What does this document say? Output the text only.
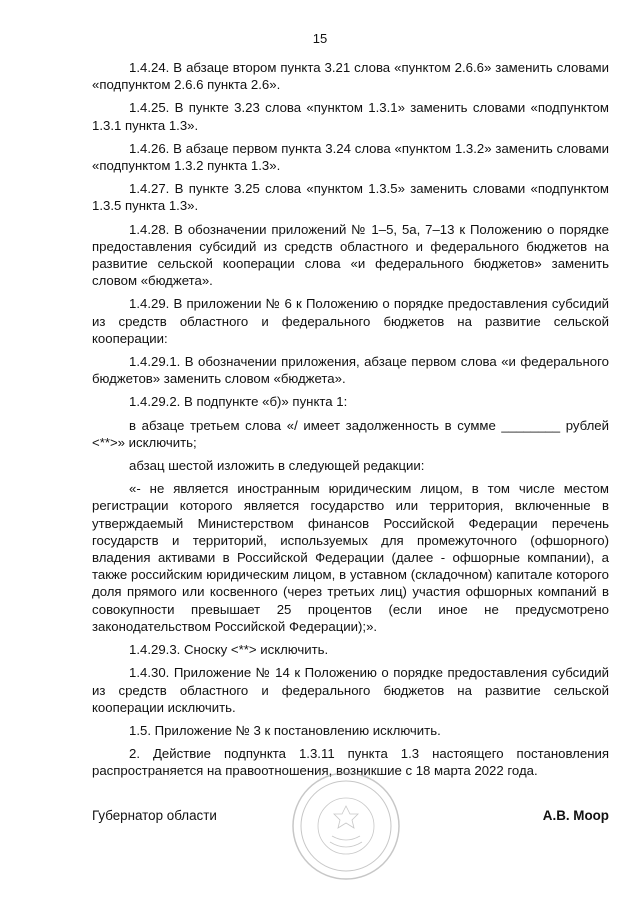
15

1.4.24. В абзаце втором пункта 3.21 слова «пунктом 2.6.6» заменить словами «подпунктом 2.6.6 пункта 2.6».

1.4.25. В пункте 3.23 слова «пунктом 1.3.1» заменить словами «подпунктом 1.3.1 пункта 1.3».

1.4.26. В абзаце первом пункта 3.24 слова «пунктом 1.3.2» заменить словами «подпунктом 1.3.2 пункта 1.3».

1.4.27. В пункте 3.25 слова «пунктом 1.3.5» заменить словами «подпунктом 1.3.5 пункта 1.3».

1.4.28. В обозначении приложений № 1–5, 5а, 7–13 к Положению о порядке предоставления субсидий из средств областного и федерального бюджетов на развитие сельской кооперации слова «и федерального бюджетов» заменить словом «бюджета».

1.4.29. В приложении № 6 к Положению о порядке предоставления субсидий из средств областного и федерального бюджетов на развитие сельской кооперации:

1.4.29.1. В обозначении приложения, абзаце первом слова «и федерального бюджетов» заменить словом «бюджета».

1.4.29.2. В подпункте «б)» пункта 1:

в абзаце третьем слова «/ имеет задолженность в сумме ________ рублей <**>» исключить;

абзац шестой изложить в следующей редакции:

«- не является иностранным юридическим лицом, в том числе местом регистрации которого является государство или территория, включенные в утверждаемый Министерством финансов Российской Федерации перечень государств и территорий, используемых для промежуточного (офшорного) владения активами в Российской Федерации (далее - офшорные компании), а также российским юридическим лицом, в уставном (складочном) капитале которого доля прямого или косвенного (через третьих лиц) участия офшорных компаний в совокупности превышает 25 процентов (если иное не предусмотрено законодательством Российской Федерации);».

1.4.29.3. Сноску <**> исключить.

1.4.30. Приложение № 14 к Положению о порядке предоставления субсидий из средств областного и федерального бюджетов на развитие сельской кооперации исключить.

1.5. Приложение № 3 к постановлению исключить.

2. Действие подпункта 1.3.11 пункта 1.3 настоящего постановления распространяется на правоотношения, возникшие с 18 марта 2022 года.

Губернатор области	А.В. Моор
